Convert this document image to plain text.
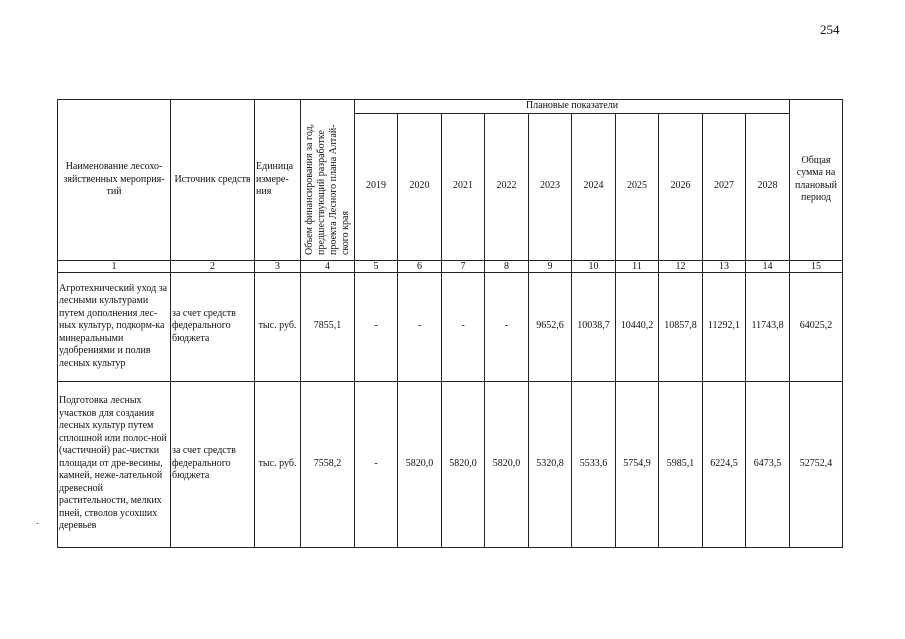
254
Наименование лесохо-зяйственных мероприя-тий	Источник средств	Единица измере-ния	Объем финансирования за год, предшествующий разработке проекта Лесного плана Алтай-ского края	Плановые показатели										Общая сумма на плановый период
				2019	2020	2021	2022	2023	2024	2025	2026	2027	2028	
1	2	3	4	5	6	7	8	9	10	11	12	13	14	15
Агротехнический уход за лесными культурами путем дополнения лес-ных культур, подкорм-ка минеральными удобрениями и полив лесных культур	за счет средств федерального бюджета	тыс. руб.	7855,1	-	-	-	-	9652,6	10038,7	10440,2	10857,8	11292,1	11743,8	64025,2
Подготовка лесных участков для создания лесных культур путем сплошной или полос-ной (частичной) рас-чистки площади от дре-весины, камней, неже-лательной древесной растительности, мелких пней, стволов усохших деревьев	за счет средств федерального бюджета	тыс. руб.	7558,2	-	5820,0	5820,0	5820,0	5320,8	5533,6	5754,9	5985,1	6224,5	6473,5	52752,4
